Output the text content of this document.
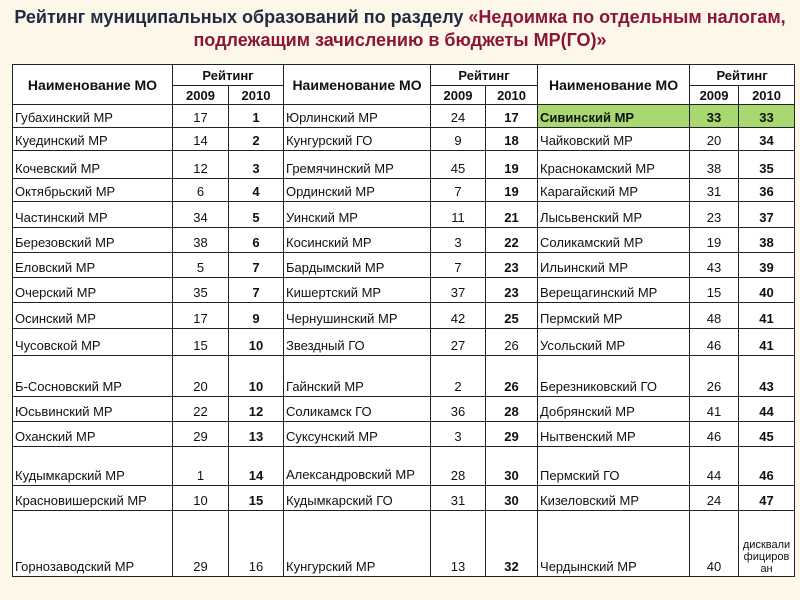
Рейтинг муниципальных образований по разделу «Недоимка по отдельным налогам,
подлежащим зачислению в бюджеты МР(ГО)»
Наименование МО	Рейтинг		Наименование МО	Рейтинг		Наименование МО	Рейтинг	
	2009	2010		2009	2010		2009	2010
Губахинский МР	17	1	Юрлинский МР	24	17	Сивинский МР	33	33
Куединский МР	14	2	Кунгурский ГО	9	18	Чайковский МР	20	34
Кочевский МР	12	3	Гремячинский МР	45	19	Краснокамский МР	38	35
Октябрьский МР	6	4	Ординский МР	7	19	Карагайский МР	31	36
Частинский МР	34	5	Уинский МР	11	21	Лысьвенский МР	23	37
Березовский МР	38	6	Косинский МР	3	22	Соликамский МР	19	38
Еловский МР	5	7	Бардымский МР	7	23	Ильинский МР	43	39
Очерский МР	35	7	Кишертский МР	37	23	Верещагинский МР	15	40
Осинский МР	17	9	Чернушинский МР	42	25	Пермский МР	48	41
Чусовской МР	15	10	Звездный ГО	27	26	Усольский МР	46	41
Б-Сосновский МР	20	10	Гайнский МР	2	26	Березниковский ГО	26	43
Юсьвинский МР	22	12	Соликамск ГО	36	28	Добрянский МР	41	44
Оханский МР	29	13	Суксунский МР	3	29	Нытвенский МР	46	45
Кудымкарский МР	1	14	Александровский МР	28	30	Пермский ГО	44	46
Красновишерский МР	10	15	Кудымкарский ГО	31	30	Кизеловский МР	24	47
Горнозаводский МР	29	16	Кунгурский МР	13	32	Чердынский МР	40	дисквалифицирован
